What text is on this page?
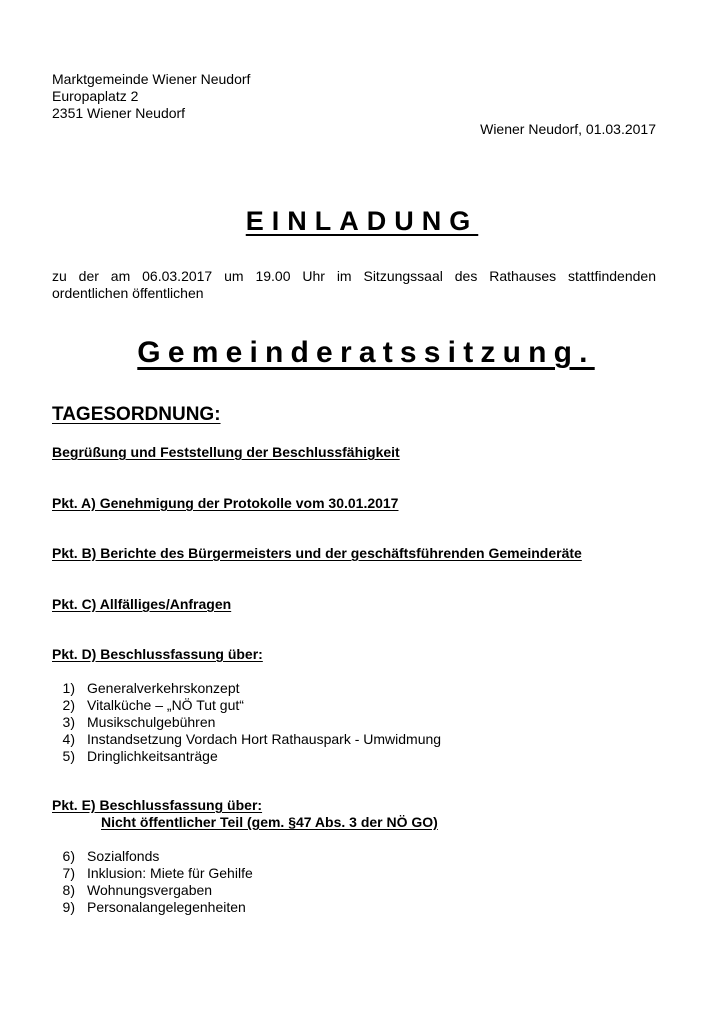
Marktgemeinde Wiener Neudorf
Europaplatz 2
2351 Wiener Neudorf
Wiener Neudorf, 01.03.2017
EINLADUNG
zu der am 06.03.2017 um 19.00 Uhr im Sitzungssaal des Rathauses stattfindenden
ordentlichen öffentlichen
Gemeinderatssitzung.
TAGESORDNUNG:
Begrüßung und Feststellung der Beschlussfähigkeit
Pkt. A) Genehmigung der Protokolle vom 30.01.2017
Pkt. B) Berichte des Bürgermeisters und der geschäftsführenden Gemeinderäte
Pkt. C) Allfälliges/Anfragen
Pkt. D) Beschlussfassung über:
1) Generalverkehrskonzept
2) Vitalküche – „NÖ Tut gut“
3) Musikschulgebühren
4) Instandsetzung Vordach Hort Rathauspark - Umwidmung
5) Dringlichkeitsanträge
Pkt. E) Beschlussfassung über:
Nicht öffentlicher Teil (gem. §47 Abs. 3 der NÖ GO)
6) Sozialfonds
7) Inklusion: Miete für Gehilfe
8) Wohnungsvergaben
9) Personalangelegenheiten
